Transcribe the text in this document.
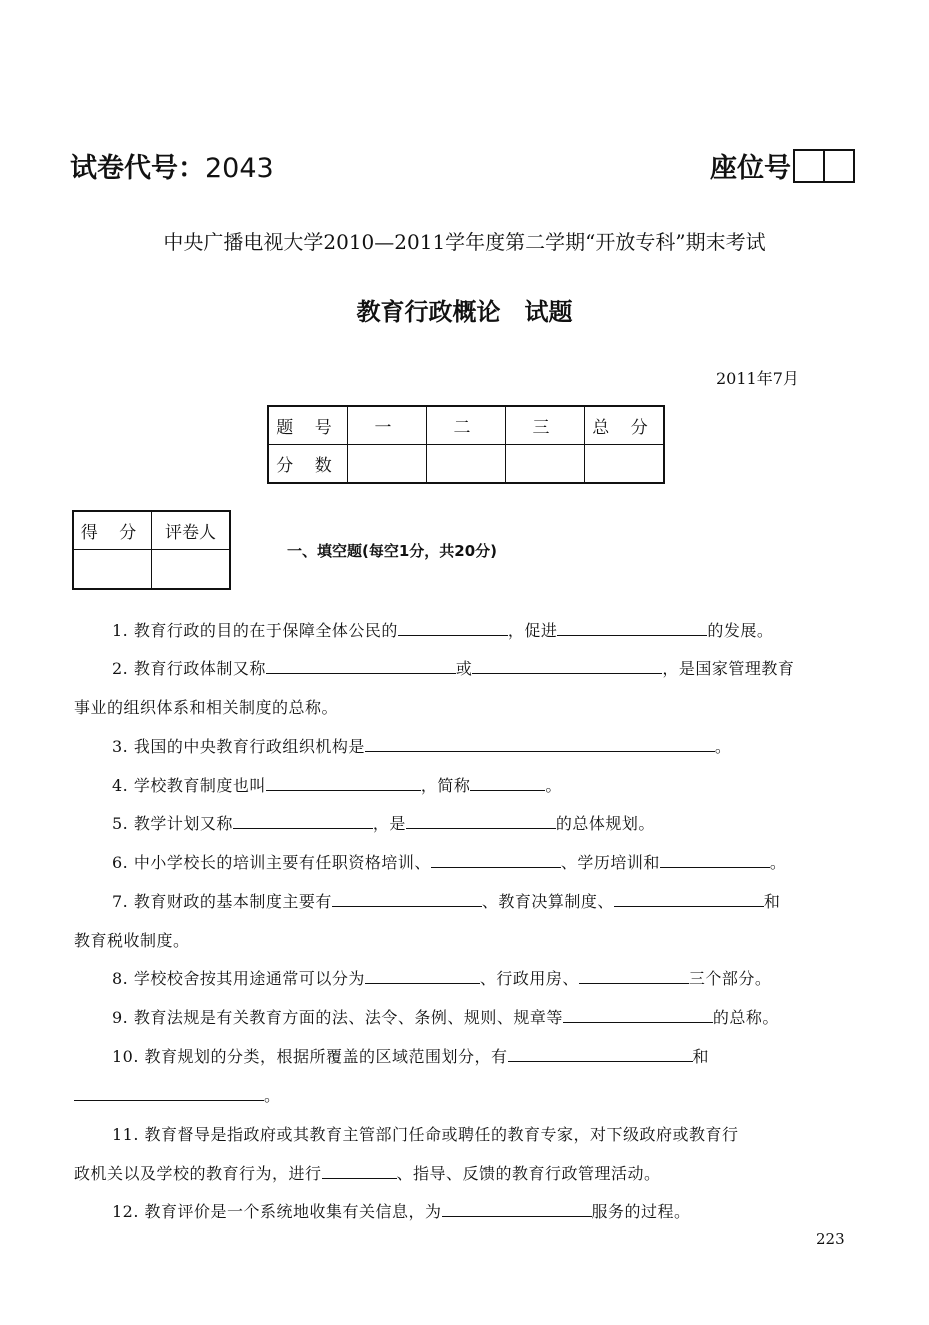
试卷代号：2043	座位号
中央广播电视大学2010—2011学年度第二学期“开放专科”期末考试
教育行政概论　试题
2011年7月
题 号	一	二	三	总 分
分 数				
得 分	评卷人

一、填空题(每空1分，共20分)
1. 教育行政的目的在于保障全体公民的	，促进	的发展。
2. 教育行政体制又称	或	，是国家管理教育
事业的组织体系和相关制度的总称。
3. 我国的中央教育行政组织机构是	。
4. 学校教育制度也叫	，简称	。
5. 教学计划又称	，是	的总体规划。
6. 中小学校长的培训主要有任职资格培训、	、学历培训和	。
7. 教育财政的基本制度主要有	、教育决算制度、	和
教育税收制度。
8. 学校校舍按其用途通常可以分为	、行政用房、	三个部分。
9. 教育法规是有关教育方面的法、法令、条例、规则、规章等	的总称。
10. 教育规划的分类，根据所覆盖的区域范围划分，有	和
。
11. 教育督导是指政府或其教育主管部门任命或聘任的教育专家，对下级政府或教育行
政机关以及学校的教育行为，进行	、指导、反馈的教育行政管理活动。
12. 教育评价是一个系统地收集有关信息，为	服务的过程。
223
